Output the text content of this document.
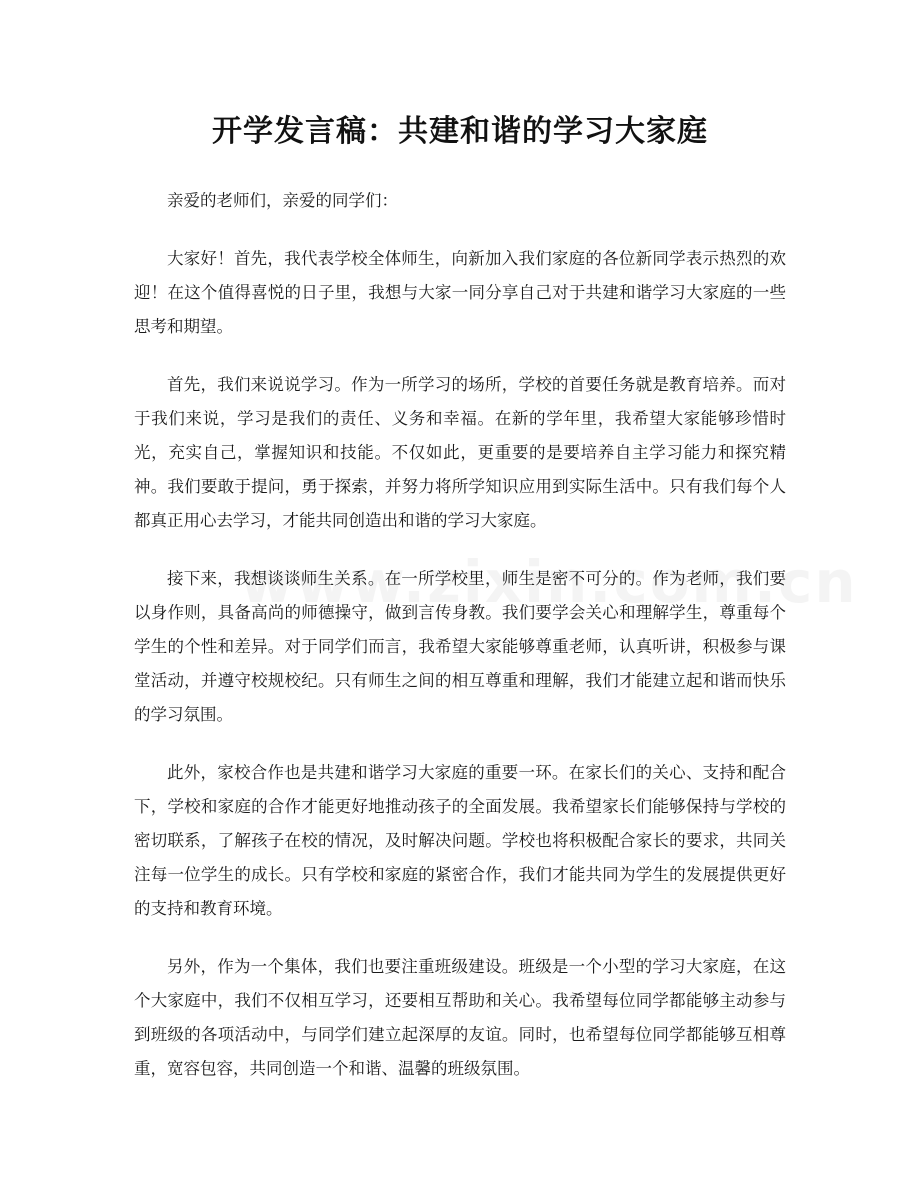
开学发言稿：共建和谐的学习大家庭

亲爱的老师们，亲爱的同学们：

大家好！首先，我代表学校全体师生，向新加入我们家庭的各位新同学表示热烈的欢迎！在这个值得喜悦的日子里，我想与大家一同分享自己对于共建和谐学习大家庭的一些思考和期望。

首先，我们来说说学习。作为一所学习的场所，学校的首要任务就是教育培养。而对于我们来说，学习是我们的责任、义务和幸福。在新的学年里，我希望大家能够珍惜时光，充实自己，掌握知识和技能。不仅如此，更重要的是要培养自主学习能力和探究精神。我们要敢于提问，勇于探索，并努力将所学知识应用到实际生活中。只有我们每个人都真正用心去学习，才能共同创造出和谐的学习大家庭。

接下来，我想谈谈师生关系。在一所学校里，师生是密不可分的。作为老师，我们要以身作则，具备高尚的师德操守，做到言传身教。我们要学会关心和理解学生，尊重每个学生的个性和差异。对于同学们而言，我希望大家能够尊重老师，认真听讲，积极参与课堂活动，并遵守校规校纪。只有师生之间的相互尊重和理解，我们才能建立起和谐而快乐的学习氛围。

此外，家校合作也是共建和谐学习大家庭的重要一环。在家长们的关心、支持和配合下，学校和家庭的合作才能更好地推动孩子的全面发展。我希望家长们能够保持与学校的密切联系，了解孩子在校的情况，及时解决问题。学校也将积极配合家长的要求，共同关注每一位学生的成长。只有学校和家庭的紧密合作，我们才能共同为学生的发展提供更好的支持和教育环境。

另外，作为一个集体，我们也要注重班级建设。班级是一个小型的学习大家庭，在这个大家庭中，我们不仅相互学习，还要相互帮助和关心。我希望每位同学都能够主动参与到班级的各项活动中，与同学们建立起深厚的友谊。同时，也希望每位同学都能够互相尊重，宽容包容，共同创造一个和谐、温馨的班级氛围。
